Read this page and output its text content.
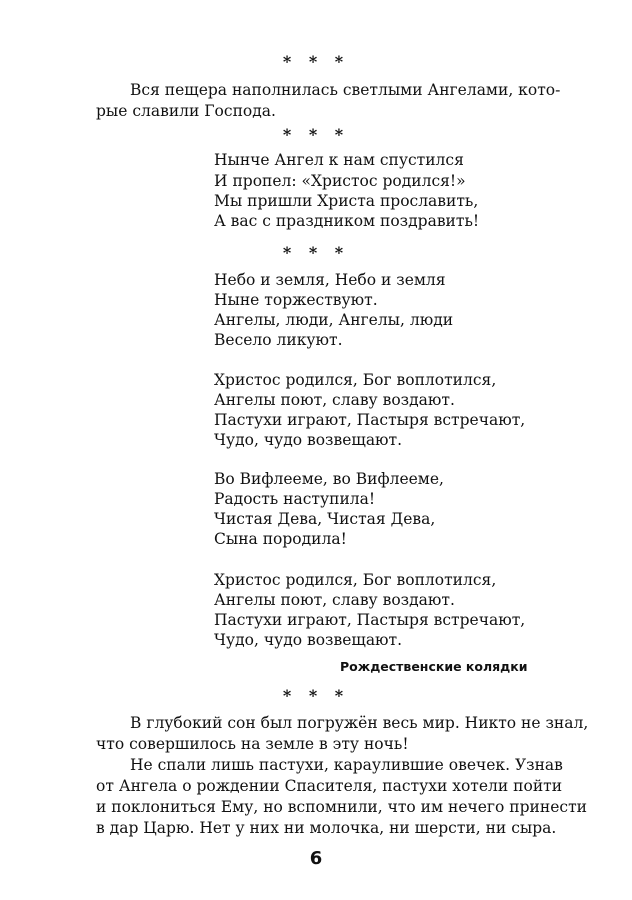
* * *

Вся пещера наполнилась светлыми Ангелами, кото-

рые славили Господа.

* * *

Нынче Ангел к нам спустился

И пропел: «Христос родился!»

Мы пришли Христа прославить,

А вас с праздником поздравить!

* * *

Небо и земля, Небо и земля

Ныне торжествуют.

Ангелы, люди, Ангелы, люди

Весело ликуют.

Христос родился, Бог воплотился,

Ангелы поют, славу воздают.

Пастухи играют, Пастыря встречают,

Чудо, чудо возвещают.

Во Вифлееме, во Вифлееме,

Радость наступила!

Чистая Дева, Чистая Дева,

Сына породила!

Христос родился, Бог воплотился,

Ангелы поют, славу воздают.

Пастухи играют, Пастыря встречают,

Чудо, чудо возвещают.

Рождественские колядки

* * *

В глубокий сон был погружён весь мир. Никто не знал,

что совершилось на земле в эту ночь!

Не спали лишь пастухи, караулившие овечек. Узнав

от Ангела о рождении Спасителя, пастухи хотели пойти

и поклониться Ему, но вспомнили, что им нечего принести

в дар Царю. Нет у них ни молочка, ни шерсти, ни сыра.

6
